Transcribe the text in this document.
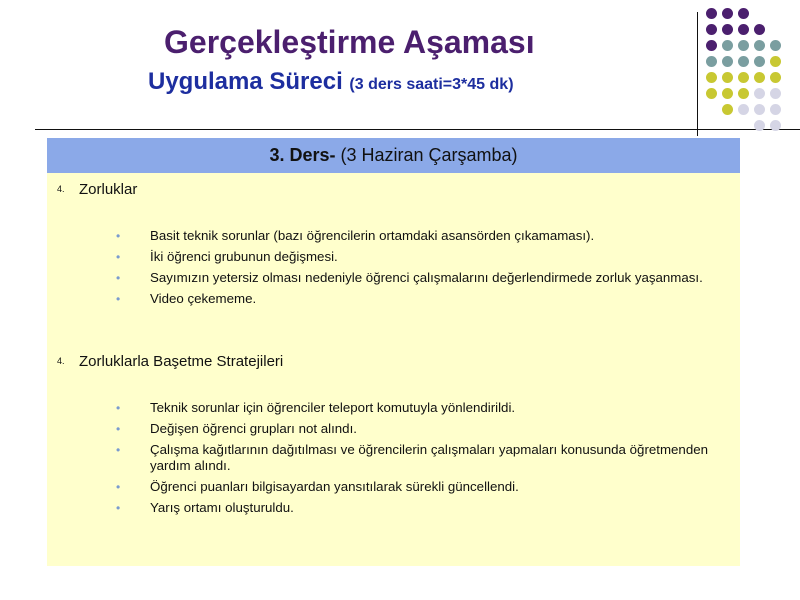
Gerçekleştirme Aşaması
Uygulama Süreci (3 ders saati=3*45 dk)
3. Ders- (3 Haziran Çarşamba)
4. Zorluklar
• Basit teknik sorunlar (bazı öğrencilerin ortamdaki asansörden çıkamaması).
• İki öğrenci grubunun değişmesi.
• Sayımızın yetersiz olması nedeniyle öğrenci çalışmalarını değerlendirmede zorluk yaşanması.
• Video çekememe.
4. Zorluklarla Başetme Stratejileri
• Teknik sorunlar için öğrenciler teleport komutuyla yönlendirildi.
• Değişen öğrenci grupları not alındı.
• Çalışma kağıtlarının dağıtılması ve öğrencilerin çalışmaları yapmaları konusunda öğretmenden yardım alındı.
• Öğrenci puanları bilgisayardan yansıtılarak sürekli güncellendi.
• Yarış ortamı oluşturuldu.
